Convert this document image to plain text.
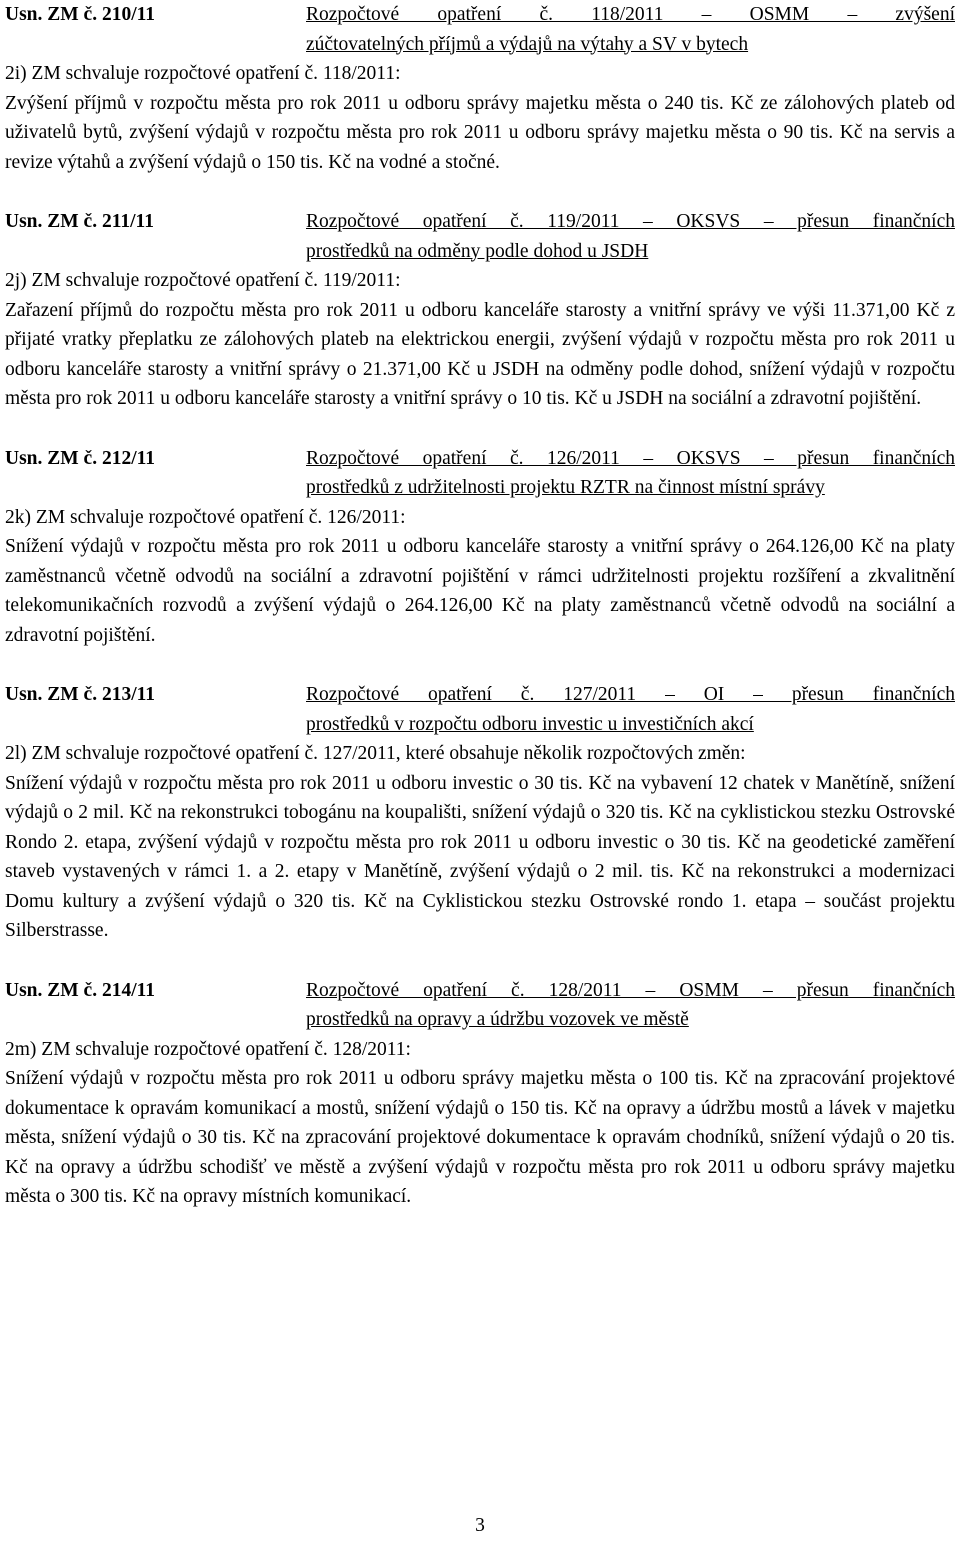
Usn. ZM č. 210/11	Rozpočtové opatření č. 118/2011 – OSMM – zvýšení
zúčtovatelných příjmů a výdajů na výtahy a SV v bytech
2i) ZM schvaluje rozpočtové opatření č. 118/2011:
Zvýšení příjmů v rozpočtu města pro rok 2011 u odboru správy majetku města o 240 tis. Kč ze zálohových plateb od uživatelů bytů, zvýšení výdajů v rozpočtu města pro rok 2011 u odboru správy majetku města o 90 tis. Kč na servis a revize výtahů a zvýšení výdajů o 150 tis. Kč na vodné a stočné.
Usn. ZM č. 211/11	Rozpočtové opatření č. 119/2011 – OKSVS – přesun finančních
prostředků na odměny podle dohod u JSDH
2j) ZM schvaluje rozpočtové opatření č. 119/2011:
Zařazení příjmů do rozpočtu města pro rok 2011 u odboru kanceláře starosty a vnitřní správy ve výši 11.371,00 Kč z přijaté vratky přeplatku ze zálohových plateb na elektrickou energii, zvýšení výdajů v rozpočtu města pro rok 2011 u odboru kanceláře starosty a vnitřní správy o 21.371,00 Kč u JSDH na odměny podle dohod, snížení výdajů v rozpočtu města pro rok 2011 u odboru kanceláře starosty a vnitřní správy o 10 tis. Kč u JSDH na sociální a zdravotní pojištění.
Usn. ZM č. 212/11	Rozpočtové opatření č. 126/2011 – OKSVS – přesun finančních
prostředků z udržitelnosti projektu RZTR na činnost místní správy
2k) ZM schvaluje rozpočtové opatření č. 126/2011:
Snížení výdajů v rozpočtu města pro rok 2011 u odboru kanceláře starosty a vnitřní správy o 264.126,00 Kč na platy zaměstnanců včetně odvodů na sociální a zdravotní pojištění v rámci udržitelnosti projektu rozšíření a zkvalitnění telekomunikačních rozvodů a zvýšení výdajů o 264.126,00 Kč na platy zaměstnanců včetně odvodů na sociální a zdravotní pojištění.
Usn. ZM č. 213/11	Rozpočtové opatření č. 127/2011 – OI – přesun finančních
prostředků v rozpočtu odboru investic u investičních akcí
2l) ZM schvaluje rozpočtové opatření č. 127/2011, které obsahuje několik rozpočtových změn:
Snížení výdajů v rozpočtu města pro rok 2011 u odboru investic o 30 tis. Kč na vybavení 12 chatek v Manětíně, snížení výdajů o 2 mil. Kč na rekonstrukci tobogánu na koupališti, snížení výdajů o 320 tis. Kč na cyklistickou stezku Ostrovské Rondo 2. etapa, zvýšení výdajů v rozpočtu města pro rok 2011 u odboru investic o 30 tis. Kč na geodetické zaměření staveb vystavených v rámci 1. a 2. etapy v Manětíně, zvýšení výdajů o 2 mil. tis. Kč na rekonstrukci a modernizaci Domu kultury a zvýšení výdajů o 320 tis. Kč na Cyklistickou stezku Ostrovské rondo 1. etapa – součást projektu Silberstrasse.
Usn. ZM č. 214/11	Rozpočtové opatření č. 128/2011 – OSMM – přesun finančních
prostředků na opravy a údržbu vozovek ve městě
2m) ZM schvaluje rozpočtové opatření č. 128/2011:
Snížení výdajů v rozpočtu města pro rok 2011 u odboru správy majetku města o 100 tis. Kč na zpracování projektové dokumentace k opravám komunikací a mostů, snížení výdajů o 150 tis. Kč na opravy a údržbu mostů a lávek v majetku města, snížení výdajů o 30 tis. Kč na zpracování projektové dokumentace k opravám chodníků, snížení výdajů o 20 tis. Kč na opravy a údržbu schodišť ve městě a zvýšení výdajů v rozpočtu města pro rok 2011 u odboru správy majetku města o 300 tis. Kč na opravy místních komunikací.
3
